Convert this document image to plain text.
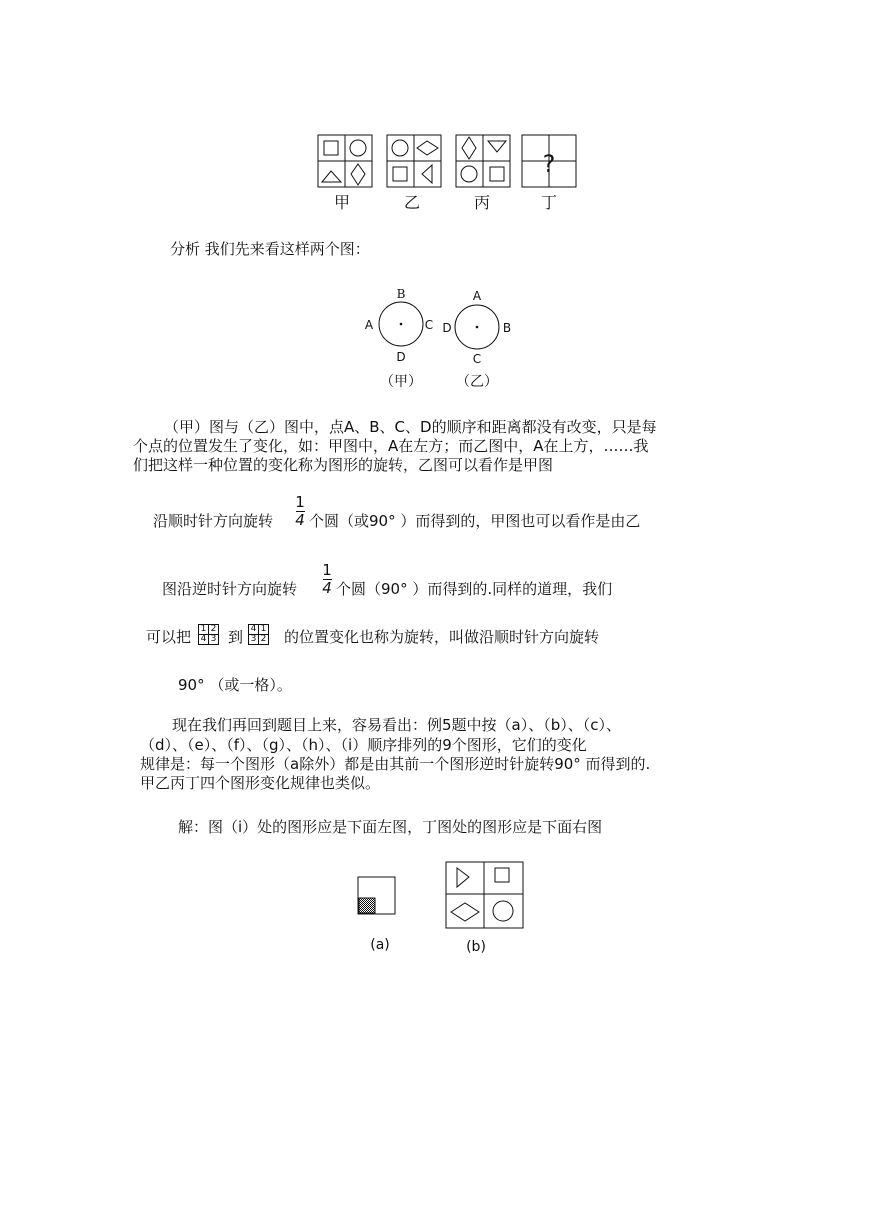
?
甲	乙	丙	丁
分析 我们先来看这样两个图：
B
A	C
D
（甲）
A
D	B
C
（乙）
（甲）图与（乙）图中，点A、B、C、D的顺序和距离都没有改变，只是每
个点的位置发生了变化，如：甲图中，A在左方；而乙图中，A在上方，……我
们把这样一种位置的变化称为图形的旋转，乙图可以看作是甲图
沿顺时针方向旋转
1
4 个圆（或90° ）而得到的，甲图也可以看作是由乙
图沿逆时针方向旋转
1
4 个圆（90° ）而得到的.同样的道理，我们
可以把 1	2
4	3 到 4	1
3	2 的位置变化也称为旋转，叫做沿顺时针方向旋转
90° （或一格）。
现在我们再回到题目上来，容易看出：例5题中按（a）、（b）、（c）、
（d）、（e）、（f）、（g）、（h）、（i）顺序排列的9个图形，它们的变化
规律是：每一个图形（a除外）都是由其前一个图形逆时针旋转90° 而得到的.
甲乙丙丁四个图形变化规律也类似。
解：图（i）处的图形应是下面左图，丁图处的图形应是下面右图
(a)	(b)
